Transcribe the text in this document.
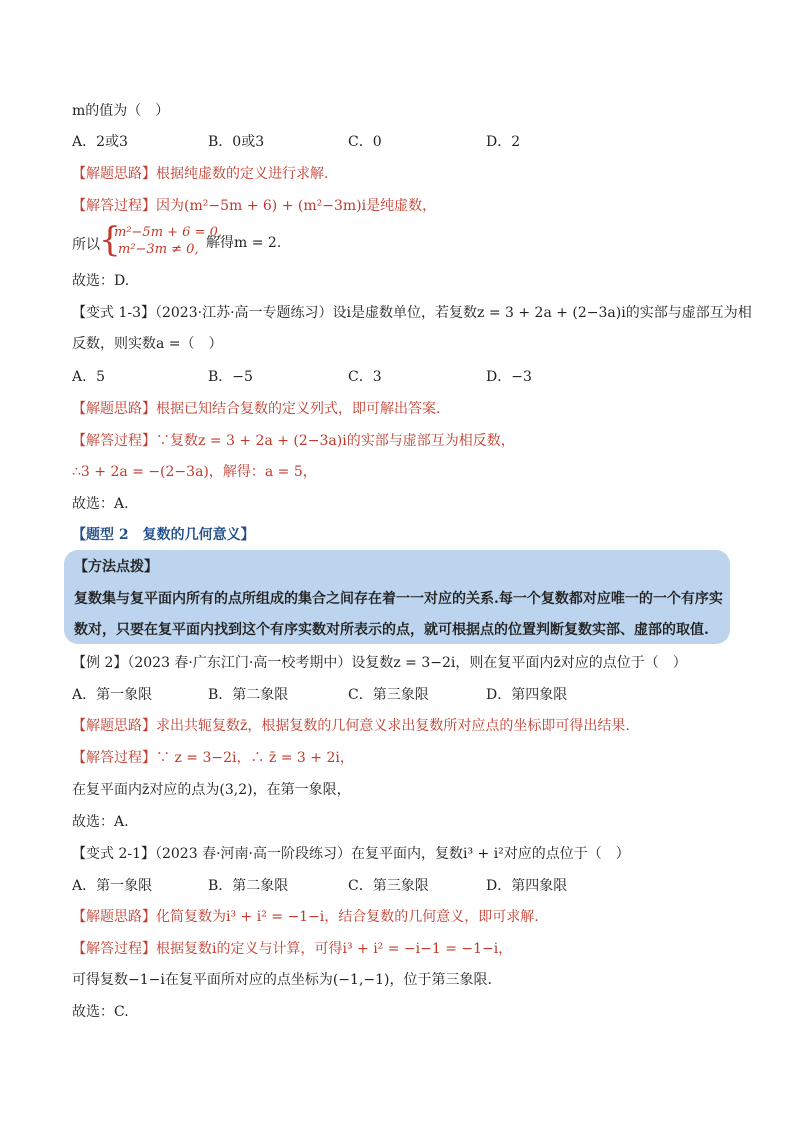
m的值为（　）
A．2或3	B．0或3	C．0	D．2
【解题思路】根据纯虚数的定义进行求解.
【解答过程】因为(m²−5m + 6) + (m²−3m)i是纯虚数，
所以 {
m²−5m + 6 = 0,
m²−3m ≠ 0, 解得m = 2.
故选：D.
【变式 1-3】（2023·江苏·高一专题练习）设i是虚数单位，若复数z = 3 + 2a + (2−3a)i的实部与虚部互为相
反数，则实数a =（　）
A．5	B．−5	C．3	D．−3
【解题思路】根据已知结合复数的定义列式，即可解出答案.
【解答过程】∵复数z = 3 + 2a + (2−3a)i的实部与虚部互为相反数，
∴3 + 2a = −(2−3a)，解得：a = 5，
故选：A.
【题型 2　复数的几何意义】
【方法点拨】
复数集与复平面内所有的点所组成的集合之间存在着一一对应的关系.每一个复数都对应唯一的一个有序实
数对，只要在复平面内找到这个有序实数对所表示的点，就可根据点的位置判断复数实部、虚部的取值.
【例 2】（2023 春·广东江门·高一校考期中）设复数z = 3−2i，则在复平面内z̄对应的点位于（　）
A．第一象限	B．第二象限	C．第三象限	D．第四象限
【解题思路】求出共轭复数z̄，根据复数的几何意义求出复数所对应点的坐标即可得出结果.
【解答过程】∵ z = 3−2i，∴ z̄ = 3 + 2i，
在复平面内z̄对应的点为(3,2)，在第一象限，
故选：A.
【变式 2-1】（2023 春·河南·高一阶段练习）在复平面内，复数i³ + i²对应的点位于（　）
A．第一象限	B．第二象限	C．第三象限	D．第四象限
【解题思路】化简复数为i³ + i² = −1−i，结合复数的几何意义，即可求解.
【解答过程】根据复数i的定义与计算，可得i³ + i² = −i−1 = −1−i，
可得复数−1−i在复平面所对应的点坐标为(−1,−1)，位于第三象限.
故选：C.
